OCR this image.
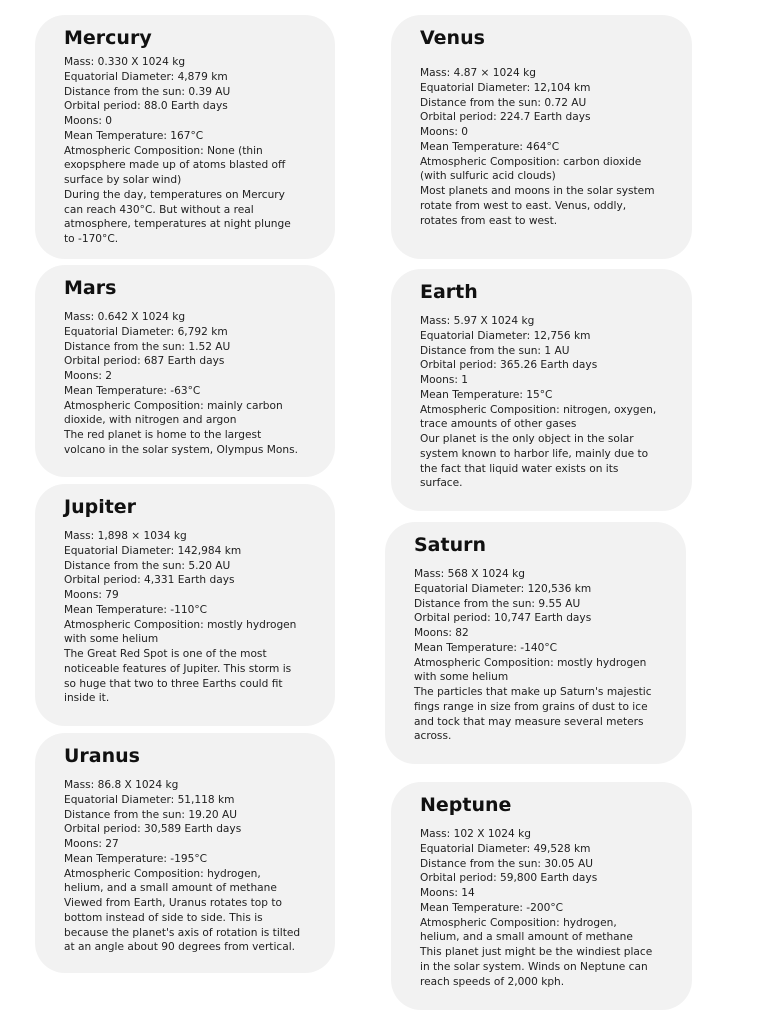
Mercury
Mass: 0.330 X 1024 kg
Equatorial Diameter: 4,879 km
Distance from the sun: 0.39 AU
Orbital period: 88.0 Earth days
Moons: 0
Mean Temperature: 167°C
Atmospheric Composition: None (thin
exopsphere made up of atoms blasted off
surface by solar wind)
During the day, temperatures on Mercury
can reach 430°C. But without a real
atmosphere, temperatures at night plunge
to -170°C.
Mars
Mass: 0.642 X 1024 kg
Equatorial Diameter: 6,792 km
Distance from the sun: 1.52 AU
Orbital period: 687 Earth days
Moons: 2
Mean Temperature: -63°C
Atmospheric Composition: mainly carbon
dioxide, with nitrogen and argon
The red planet is home to the largest
volcano in the solar system, Olympus Mons.
Jupiter
Mass: 1,898 × 1034 kg
Equatorial Diameter: 142,984 km
Distance from the sun: 5.20 AU
Orbital period: 4,331 Earth days
Moons: 79
Mean Temperature: -110°C
Atmospheric Composition: mostly hydrogen
with some helium
The Great Red Spot is one of the most
noticeable features of Jupiter. This storm is
so huge that two to three Earths could fit
inside it.
Uranus
Mass: 86.8 X 1024 kg
Equatorial Diameter: 51,118 km
Distance from the sun: 19.20 AU
Orbital period: 30,589 Earth days
Moons: 27
Mean Temperature: -195°C
Atmospheric Composition: hydrogen,
helium, and a small amount of methane
Viewed from Earth, Uranus rotates top to
bottom instead of side to side. This is
because the planet's axis of rotation is tilted
at an angle about 90 degrees from vertical.
Venus
Mass: 4.87 × 1024 kg
Equatorial Diameter: 12,104 km
Distance from the sun: 0.72 AU
Orbital period: 224.7 Earth days
Moons: 0
Mean Temperature: 464°C
Atmospheric Composition: carbon dioxide
(with sulfuric acid clouds)
Most planets and moons in the solar system
rotate from west to east. Venus, oddly,
rotates from east to west.
Earth
Mass: 5.97 X 1024 kg
Equatorial Diameter: 12,756 km
Distance from the sun: 1 AU
Orbital period: 365.26 Earth days
Moons: 1
Mean Temperature: 15°C
Atmospheric Composition: nitrogen, oxygen,
trace amounts of other gases
Our planet is the only object in the solar
system known to harbor life, mainly due to
the fact that liquid water exists on its
surface.
Saturn
Mass: 568 X 1024 kg
Equatorial Diameter: 120,536 km
Distance from the sun: 9.55 AU
Orbital period: 10,747 Earth days
Moons: 82
Mean Temperature: -140°C
Atmospheric Composition: mostly hydrogen
with some helium
The particles that make up Saturn's majestic
fings range in size from grains of dust to ice
and tock that may measure several meters
across.
Neptune
Mass: 102 X 1024 kg
Equatorial Diameter: 49,528 km
Distance from the sun: 30.05 AU
Orbital period: 59,800 Earth days
Moons: 14
Mean Temperature: -200°C
Atmospheric Composition: hydrogen,
helium, and a small amount of methane
This planet just might be the windiest place
in the solar system. Winds on Neptune can
reach speeds of 2,000 kph.
